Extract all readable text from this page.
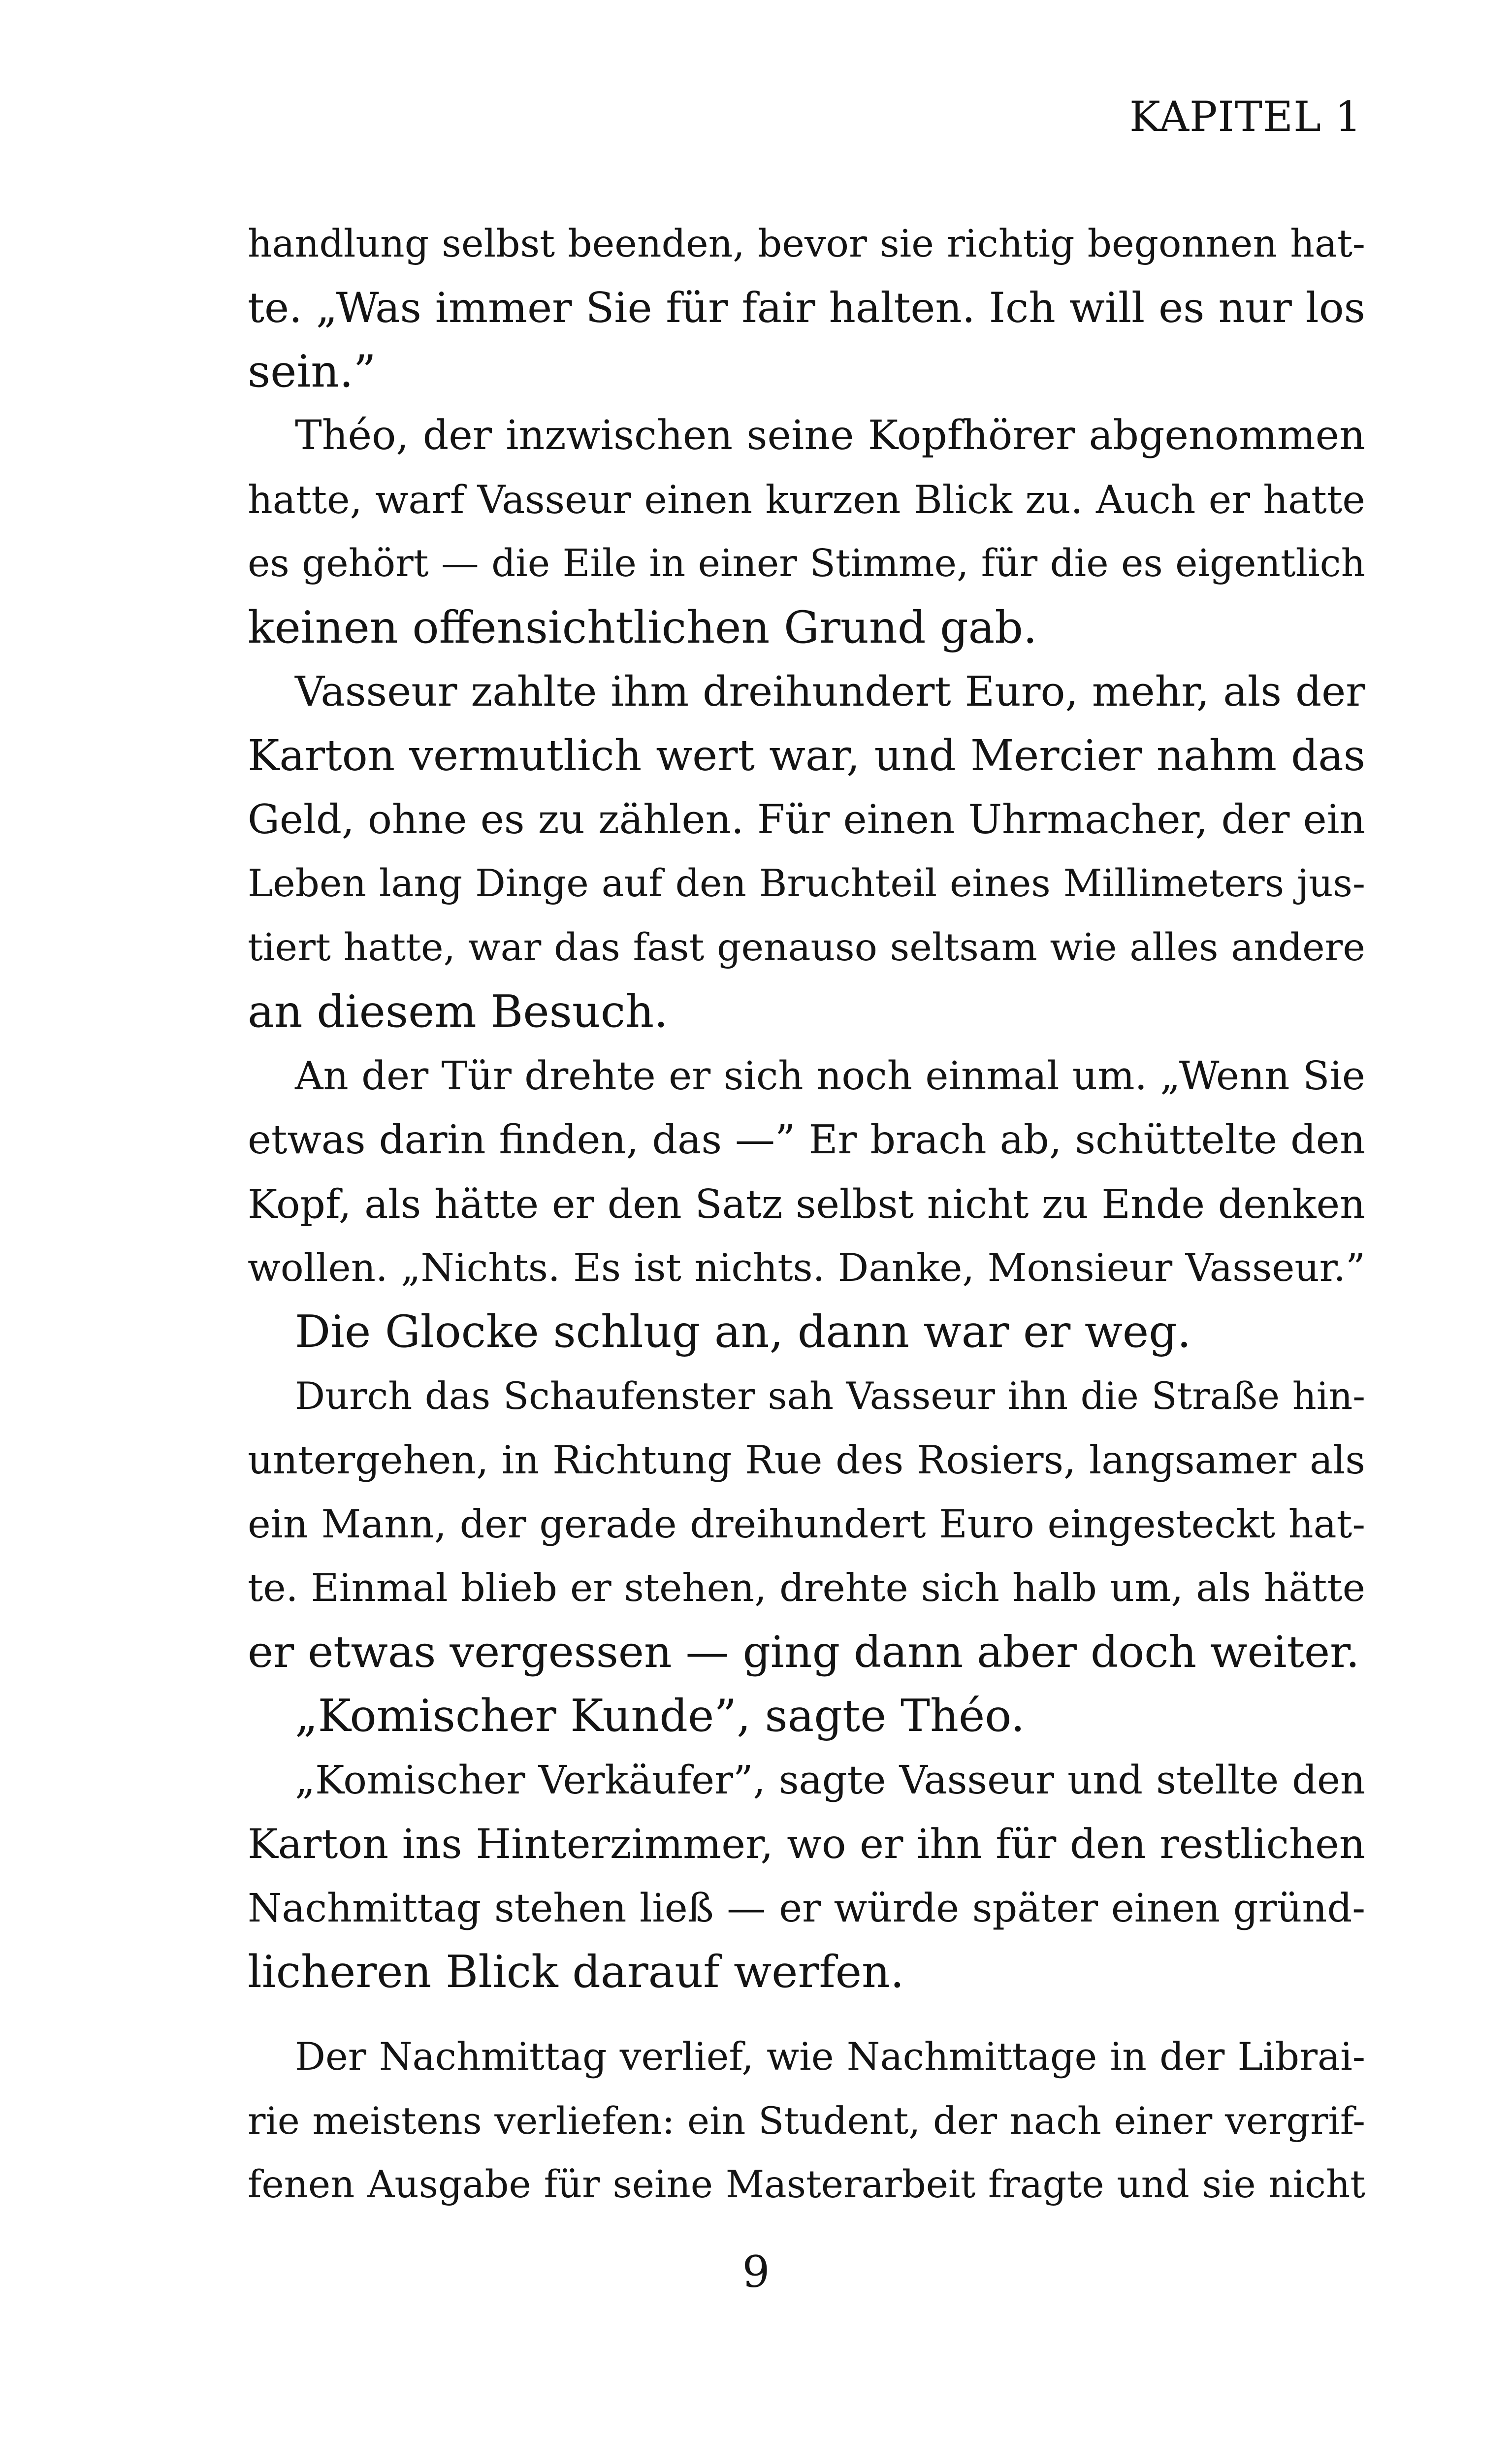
KAPITEL 1
handlung selbst beenden, bevor sie richtig begonnen hat-
te. „Was immer Sie für fair halten. Ich will es nur los
sein.”
Théo, der inzwischen seine Kopfhörer abgenommen
hatte, warf Vasseur einen kurzen Blick zu. Auch er hatte
es gehört — die Eile in einer Stimme, für die es eigentlich
keinen offensichtlichen Grund gab.
Vasseur zahlte ihm dreihundert Euro, mehr, als der
Karton vermutlich wert war, und Mercier nahm das
Geld, ohne es zu zählen. Für einen Uhrmacher, der ein
Leben lang Dinge auf den Bruchteil eines Millimeters jus-
tiert hatte, war das fast genauso seltsam wie alles andere
an diesem Besuch.
An der Tür drehte er sich noch einmal um. „Wenn Sie
etwas darin finden, das —” Er brach ab, schüttelte den
Kopf, als hätte er den Satz selbst nicht zu Ende denken
wollen. „Nichts. Es ist nichts. Danke, Monsieur Vasseur.”
Die Glocke schlug an, dann war er weg.
Durch das Schaufenster sah Vasseur ihn die Straße hin-
untergehen, in Richtung Rue des Rosiers, langsamer als
ein Mann, der gerade dreihundert Euro eingesteckt hat-
te. Einmal blieb er stehen, drehte sich halb um, als hätte
er etwas vergessen — ging dann aber doch weiter.
„Komischer Kunde”, sagte Théo.
„Komischer Verkäufer”, sagte Vasseur und stellte den
Karton ins Hinterzimmer, wo er ihn für den restlichen
Nachmittag stehen ließ — er würde später einen gründ-
licheren Blick darauf werfen.
Der Nachmittag verlief, wie Nachmittage in der Librai-
rie meistens verliefen: ein Student, der nach einer vergrif-
fenen Ausgabe für seine Masterarbeit fragte und sie nicht
9
